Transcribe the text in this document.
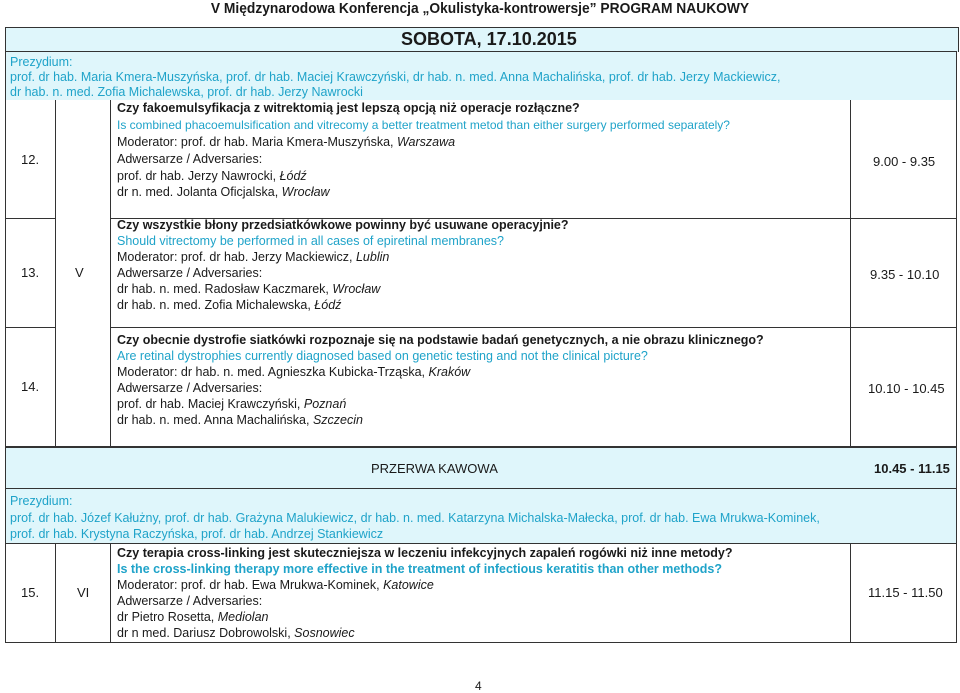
V Międzynarodowa Konferencja „Okulistyka-kontrowersje” PROGRAM NAUKOWY
SOBOTA, 17.10.2015
Prezydium:
prof. dr hab. Maria Kmera-Muszyńska, prof. dr hab. Maciej Krawczyński, dr hab. n. med. Anna Machalińska, prof. dr hab. Jerzy Mackiewicz,
dr hab. n. med. Zofia Michalewska, prof. dr hab. Jerzy Nawrocki
V
12.
Czy fakoemulsyfikacja z witrektomią jest lepszą opcją niż operacje rozłączne?
Is combined phacoemulsification and vitrecomy a better treatment metod than either surgery performed separately?
Moderator: prof. dr hab. Maria Kmera-Muszyńska, Warszawa
Adwersarze / Adversaries:
prof. dr hab. Jerzy Nawrocki, Łódź
dr n. med. Jolanta Oficjalska, Wrocław
9.00 - 9.35
13.
Czy wszystkie błony przedsiatkówkowe powinny być usuwane operacyjnie?
Should vitrectomy be performed in all cases of epiretinal membranes?
Moderator: prof. dr hab. Jerzy Mackiewicz, Lublin
Adwersarze / Adversaries:
dr hab. n. med. Radosław Kaczmarek, Wrocław
dr hab. n. med. Zofia Michalewska, Łódź
9.35 - 10.10
14.
Czy obecnie dystrofie siatkówki rozpoznaje się na podstawie badań genetycznych, a nie obrazu klinicznego?
Are retinal dystrophies currently diagnosed based on genetic testing and not the clinical picture?
Moderator: dr hab. n. med. Agnieszka Kubicka-Trząska, Kraków
Adwersarze / Adversaries:
prof. dr hab. Maciej Krawczyński, Poznań
dr hab. n. med. Anna Machalińska, Szczecin
10.10 - 10.45
PRZERWA KAWOWA	10.45 - 11.15
Prezydium:
prof. dr hab. Józef Kałużny, prof. dr hab. Grażyna Malukiewicz, dr hab. n. med. Katarzyna Michalska-Małecka, prof. dr hab. Ewa Mrukwa-Kominek,
prof. dr hab. Krystyna Raczyńska, prof. dr hab. Andrzej Stankiewicz
VI
15.
Czy terapia cross-linking jest skuteczniejsza w leczeniu infekcyjnych zapaleń rogówki niż inne metody?
Is the cross-linking therapy more effective in the treatment of infectious keratitis than other methods?
Moderator: prof. dr hab. Ewa Mrukwa-Kominek, Katowice
Adwersarze / Adversaries:
dr Pietro Rosetta, Mediolan
dr n med. Dariusz Dobrowolski, Sosnowiec
11.15 - 11.50
4
